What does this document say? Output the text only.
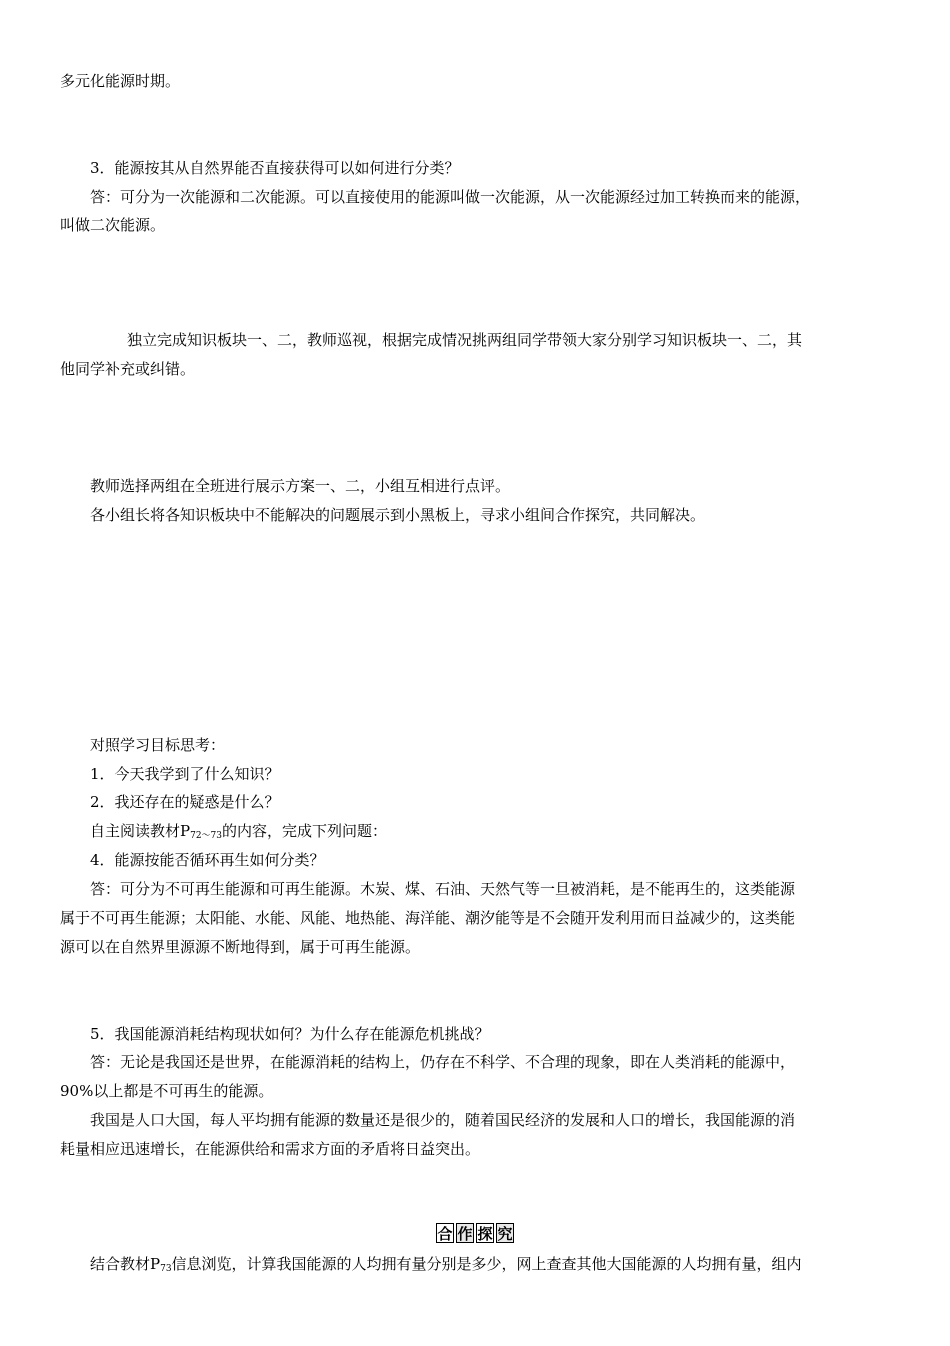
多元化能源时期。
3．能源按其从自然界能否直接获得可以如何进行分类？
答：可分为一次能源和二次能源。可以直接使用的能源叫做一次能源，从一次能源经过加工转换而来的能源，
叫做二次能源。
独立完成知识板块一、二，教师巡视，根据完成情况挑两组同学带领大家分别学习知识板块一、二，其
他同学补充或纠错。
教师选择两组在全班进行展示方案一、二，小组互相进行点评。
各小组长将各知识板块中不能解决的问题展示到小黑板上，寻求小组间合作探究，共同解决。
对照学习目标思考：
1．今天我学到了什么知识？
2．我还存在的疑惑是什么？
自主阅读教材$P_{72\sim 73}$的内容，完成下列问题：
4．能源按能否循环再生如何分类？
答：可分为不可再生能源和可再生能源。木炭、煤、石油、天然气等一旦被消耗，是不能再生的，这类能源
属于不可再生能源；太阳能、水能、风能、地热能、海洋能、潮汐能等是不会随开发利用而日益减少的，这类能
源可以在自然界里源源不断地得到，属于可再生能源。
5．我国能源消耗结构现状如何？为什么存在能源危机挑战？
答：无论是我国还是世界，在能源消耗的结构上，仍存在不科学、不合理的现象，即在人类消耗的能源中，
90%以上都是不可再生的能源。
我国是人口大国，每人平均拥有能源的数量还是很少的，随着国民经济的发展和人口的增长，我国能源的消
耗量相应迅速增长，在能源供给和需求方面的矛盾将日益突出。
合 作 探 究
结合教材$P_{73}$信息浏览，计算我国能源的人均拥有量分别是多少，网上查查其他大国能源的人均拥有量，组内
